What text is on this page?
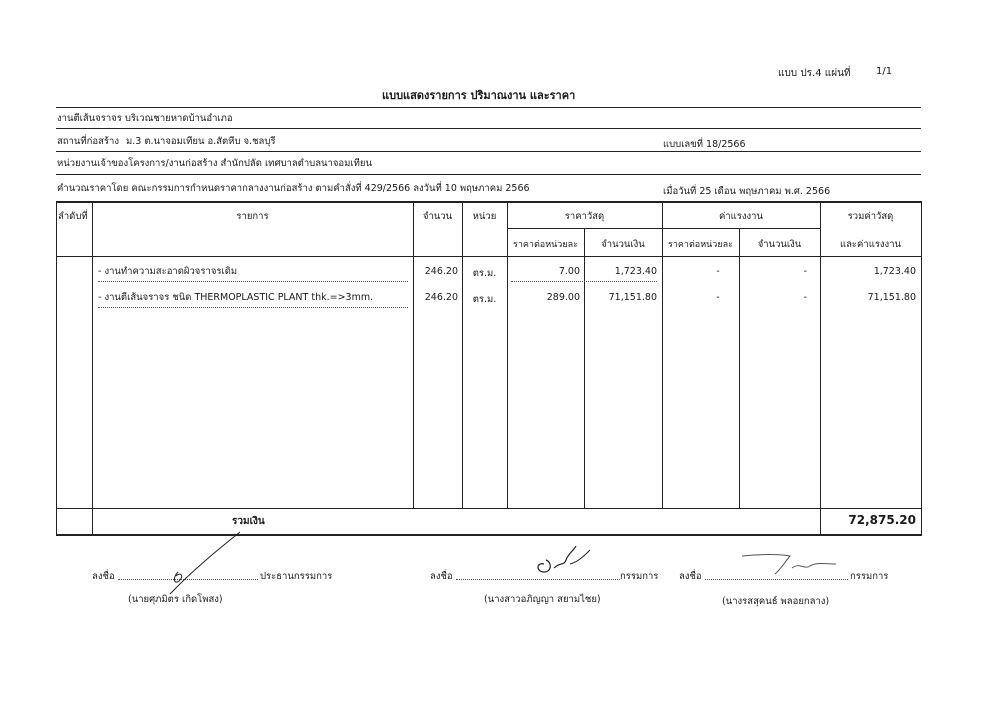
แบบ ปร.4 แผ่นที่	1/1
แบบแสดงรายการ ปริมาณงาน และราคา
งานตีเส้นจราจร บริเวณชายหาดบ้านอำเภอ
สถานที่ก่อสร้าง ม.3 ต.นาจอมเทียน อ.สัตหีบ จ.ชลบุรี	แบบเลขที่ 18/2566
หน่วยงานเจ้าของโครงการ/งานก่อสร้าง สำนักปลัด เทศบาลตำบลนาจอมเทียน
คำนวณราคาโดย คณะกรรมการกำหนดราคากลางงานก่อสร้าง ตามคำสั่งที่ 429/2566 ลงวันที่ 10 พฤษภาคม 2566	เมื่อวันที่ 25 เดือน พฤษภาคม พ.ศ. 2566
ลำดับที่	รายการ	จำนวน	หน่วย	ราคาวัสดุ	ค่าแรงงาน	รวมค่าวัสดุ
และค่าแรงงาน
ราคาต่อหน่วยละ	จำนวนเงิน	ราคาต่อหน่วยละ	จำนวนเงิน
- งานทำความสะอาดผิวจราจรเดิม	246.20	ตร.ม.	7.00	1,723.40	-	-	1,723.40
- งานตีเส้นจราจร ชนิด THERMOPLASTIC PLANT thk.=>3mm.	246.20	ตร.ม.	289.00	71,151.80	-	-	71,151.80
รวมเงิน	72,875.20
ลงชื่อ	ประธานกรรมการ
(นายศุภมิตร เกิดโพสง)
ลงชื่อ	กรรมการ
(นางสาวอภิญญา สยามไชย)
ลงชื่อ	กรรมการ
(นางรสสุคนธ์ พลอยกลาง)
